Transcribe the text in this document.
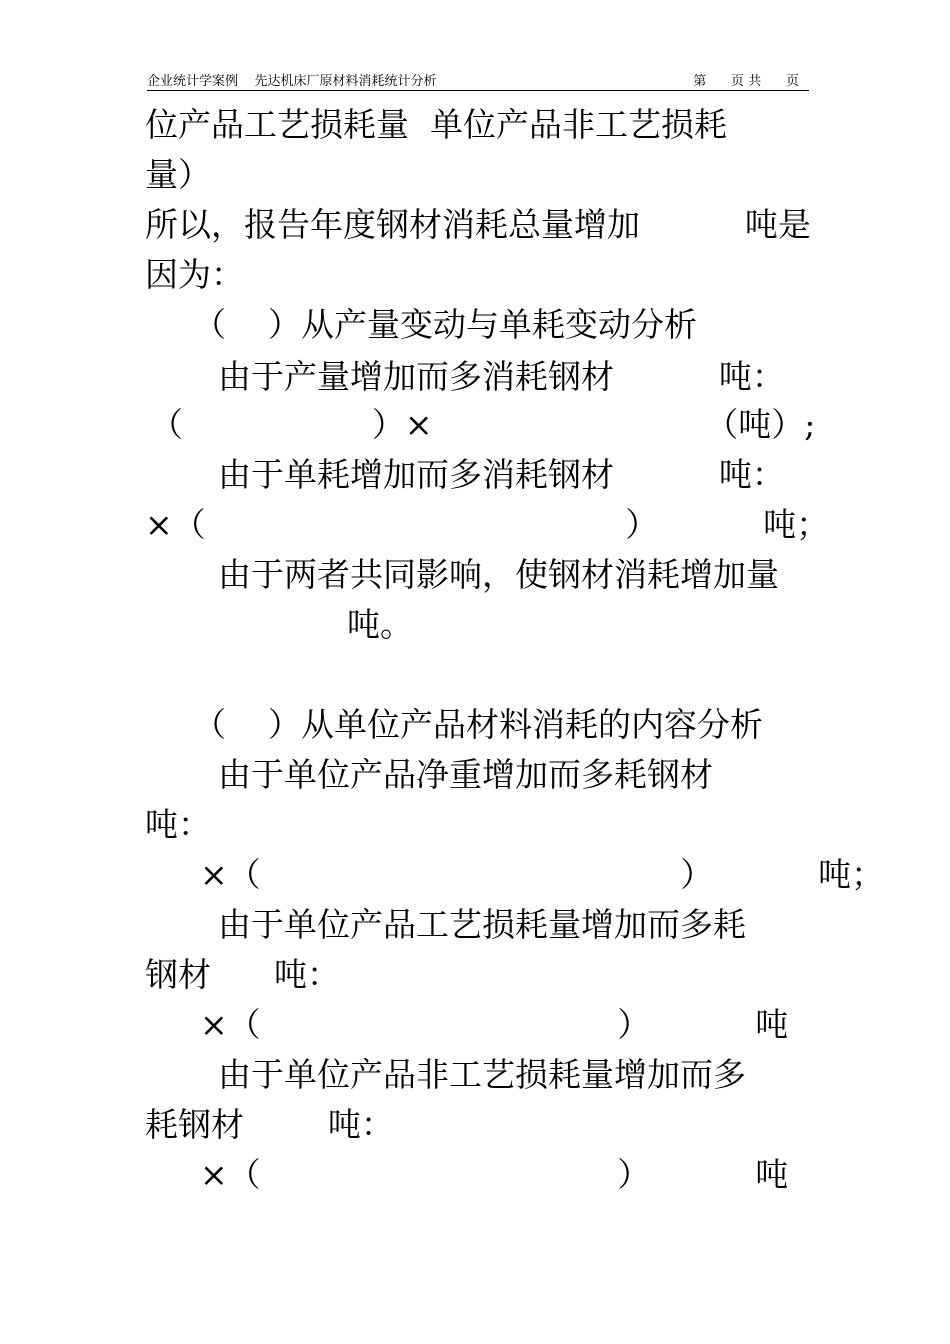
企业统计学案例    先达机床厂原材料消耗统计分析	第      页 共      页
位产品工艺损耗量  单位产品非工艺损耗
量）
所以，报告年度钢材消耗总量增加          吨是
因为：
（    ）从产量变动与单耗变动分析
由于产量增加而多消耗钢材          吨：
（                  ）×                          （吨）;
由于单耗增加而多消耗钢材          吨：
×（                                        ）          吨；
由于两者共同影响，使钢材消耗增加量
吨。
（    ）从单位产品材料消耗的内容分析
由于单位产品净重增加而多耗钢材
吨：
×（                                        ）          吨；
由于单位产品工艺损耗量增加而多耗
钢材      吨：
×（                                  ）          吨
由于单位产品非工艺损耗量增加而多
耗钢材        吨：
×（                                  ）          吨
